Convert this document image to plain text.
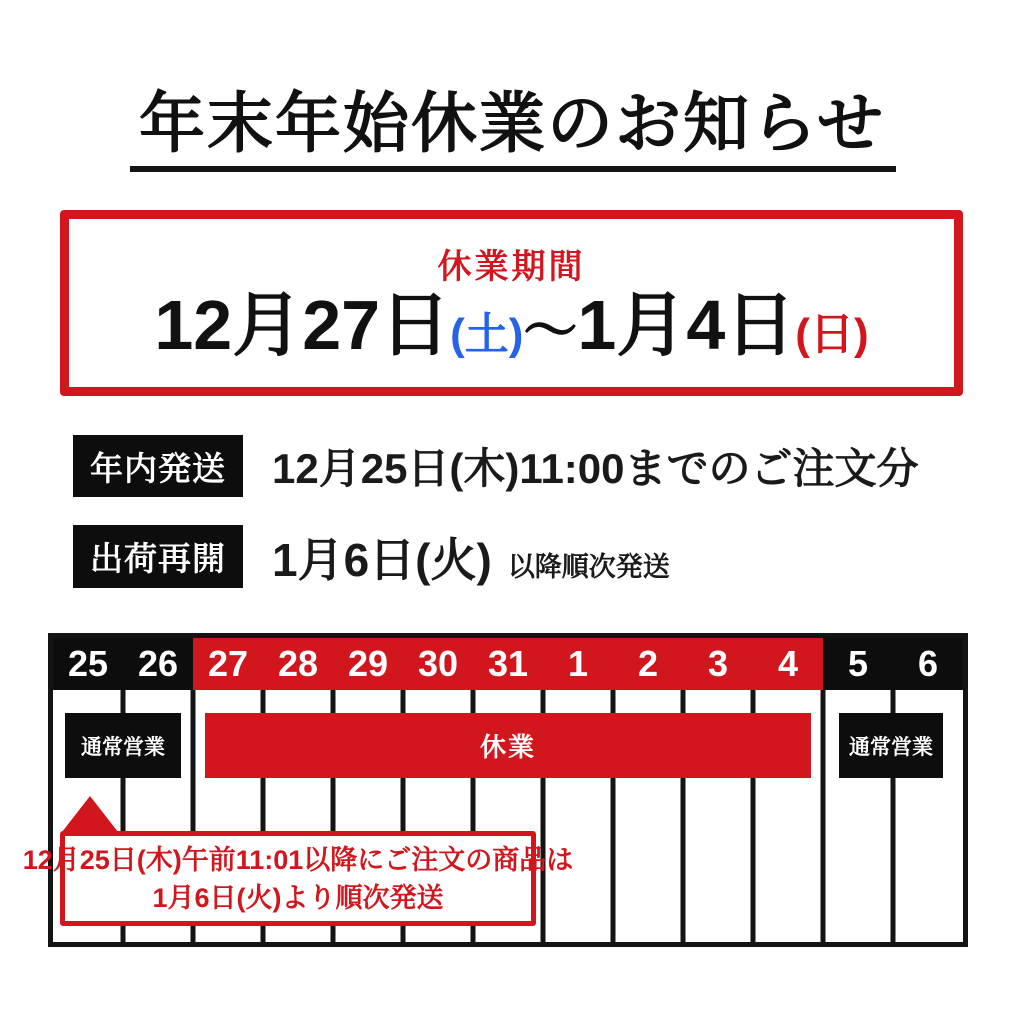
年末年始休業のお知らせ
休業期間
12月27日(土)～1月4日(日)
年内発送	12月25日(木)11:00までのご注文分
出荷再開	1月6日(火) 以降順次発送
25 26 27 28 29 30 31	1	2	3	4	5	6
通常営業	休業	通常営業
12月25日(木)午前11:01以降にご注文の商品は
1月6日(火)より順次発送
